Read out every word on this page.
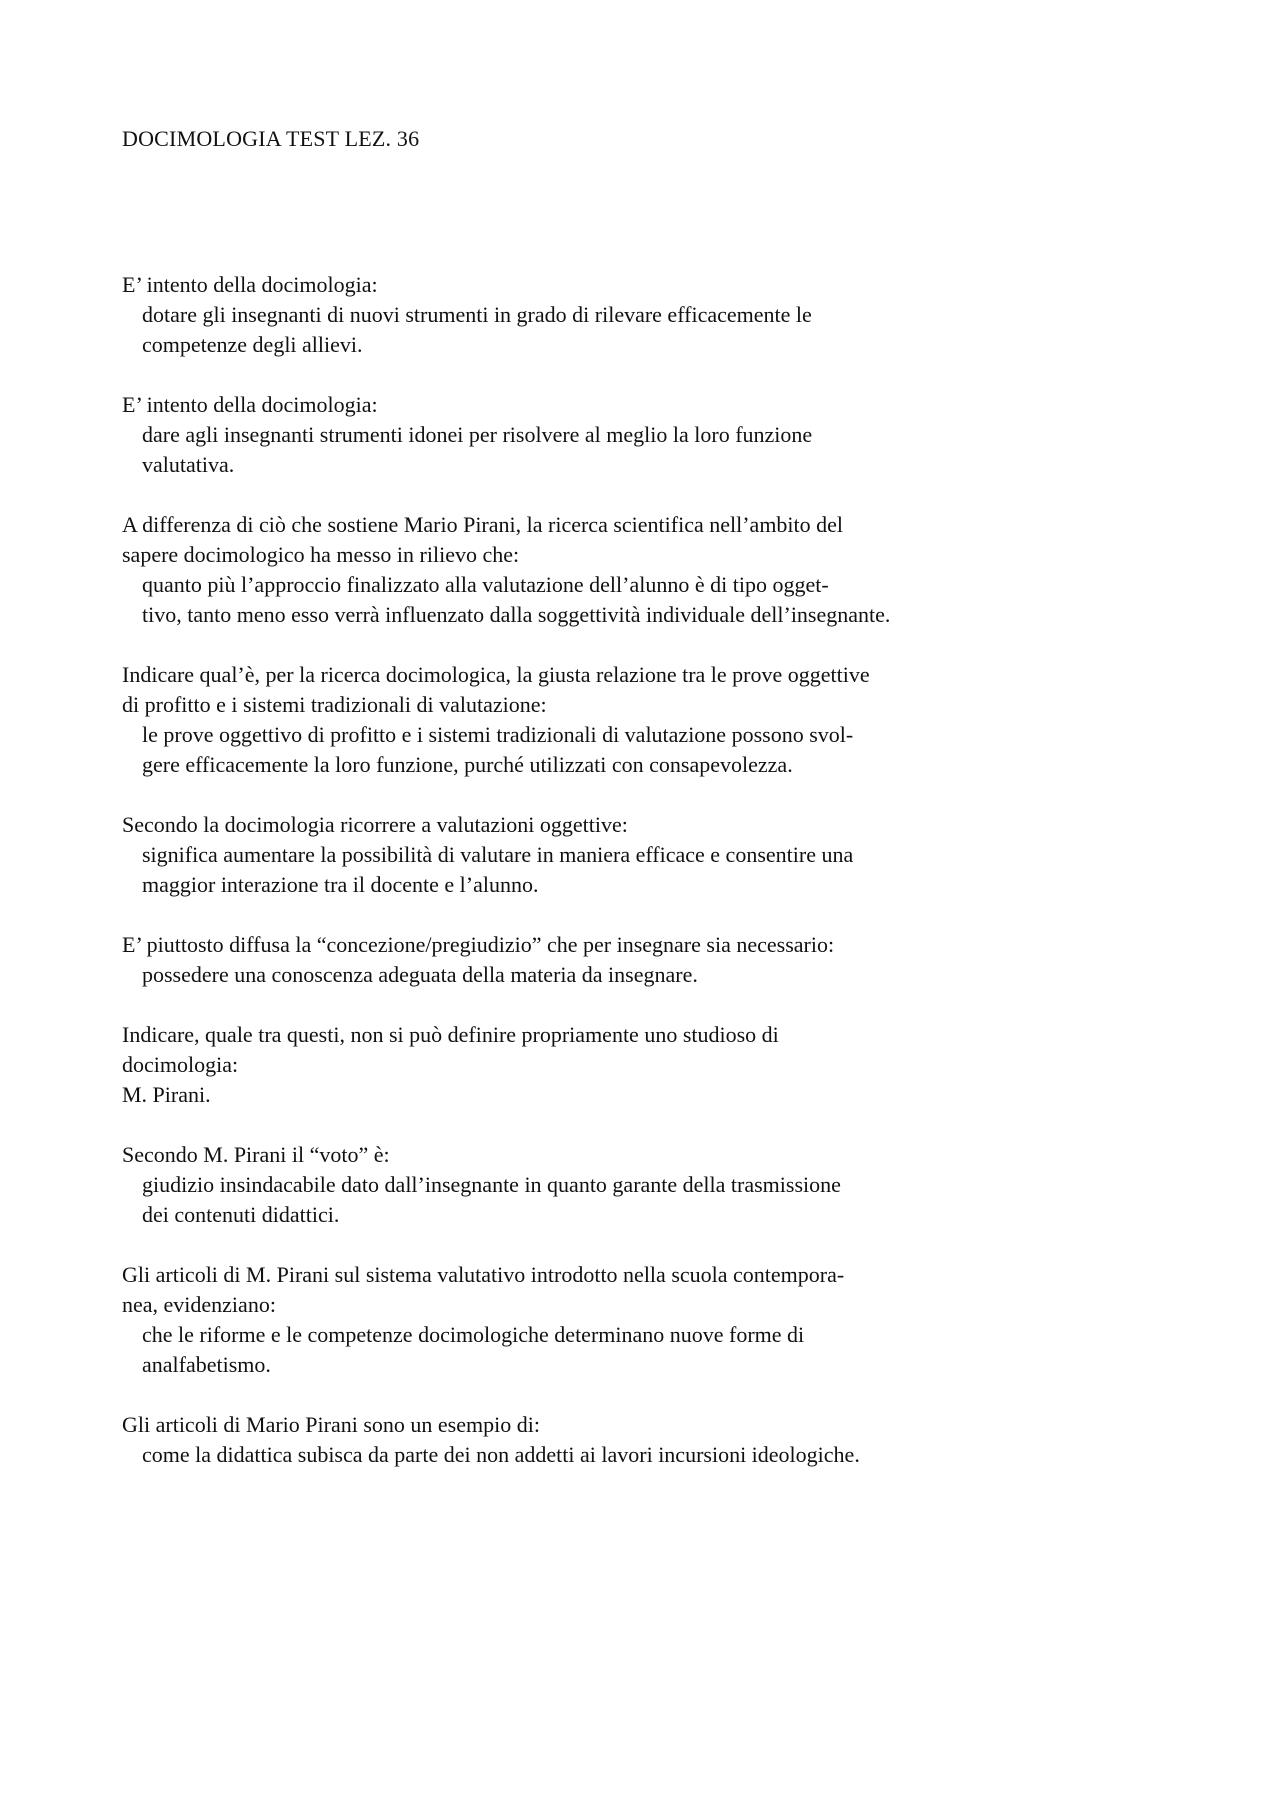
DOCIMOLOGIA TEST LEZ. 36
E’ intento della docimologia:
dotare gli insegnanti di nuovi strumenti in grado di rilevare efficacemente le
competenze degli allievi.
E’ intento della docimologia:
dare agli insegnanti strumenti idonei per risolvere al meglio la loro funzione
valutativa.
A differenza di ciò che sostiene Mario Pirani, la ricerca scientifica nell’ambito del
sapere docimologico ha messo in rilievo che:
quanto più l’approccio finalizzato alla valutazione dell’alunno è di tipo ogget-
tivo, tanto meno esso verrà influenzato dalla soggettività individuale dell’insegnante.
Indicare qual’è, per la ricerca docimologica, la giusta relazione tra le prove oggettive
di profitto e i sistemi tradizionali di valutazione:
le prove oggettivo di profitto e i sistemi tradizionali di valutazione possono svol-
gere efficacemente la loro funzione, purché utilizzati con consapevolezza.
Secondo la docimologia ricorrere a valutazioni oggettive:
significa aumentare la possibilità di valutare in maniera efficace e consentire una
maggior interazione tra il docente e l’alunno.
E’ piuttosto diffusa la “concezione/pregiudizio” che per insegnare sia necessario:
possedere una conoscenza adeguata della materia da insegnare.
Indicare, quale tra questi, non si può definire propriamente uno studioso di
docimologia:
M. Pirani.
Secondo M. Pirani il “voto” è:
giudizio insindacabile dato dall’insegnante in quanto garante della trasmissione
dei contenuti didattici.
Gli articoli di M. Pirani sul sistema valutativo introdotto nella scuola contempora-
nea, evidenziano:
che le riforme e le competenze docimologiche determinano nuove forme di
analfabetismo.
Gli articoli di Mario Pirani sono un esempio di:
come la didattica subisca da parte dei non addetti ai lavori incursioni ideologiche.
